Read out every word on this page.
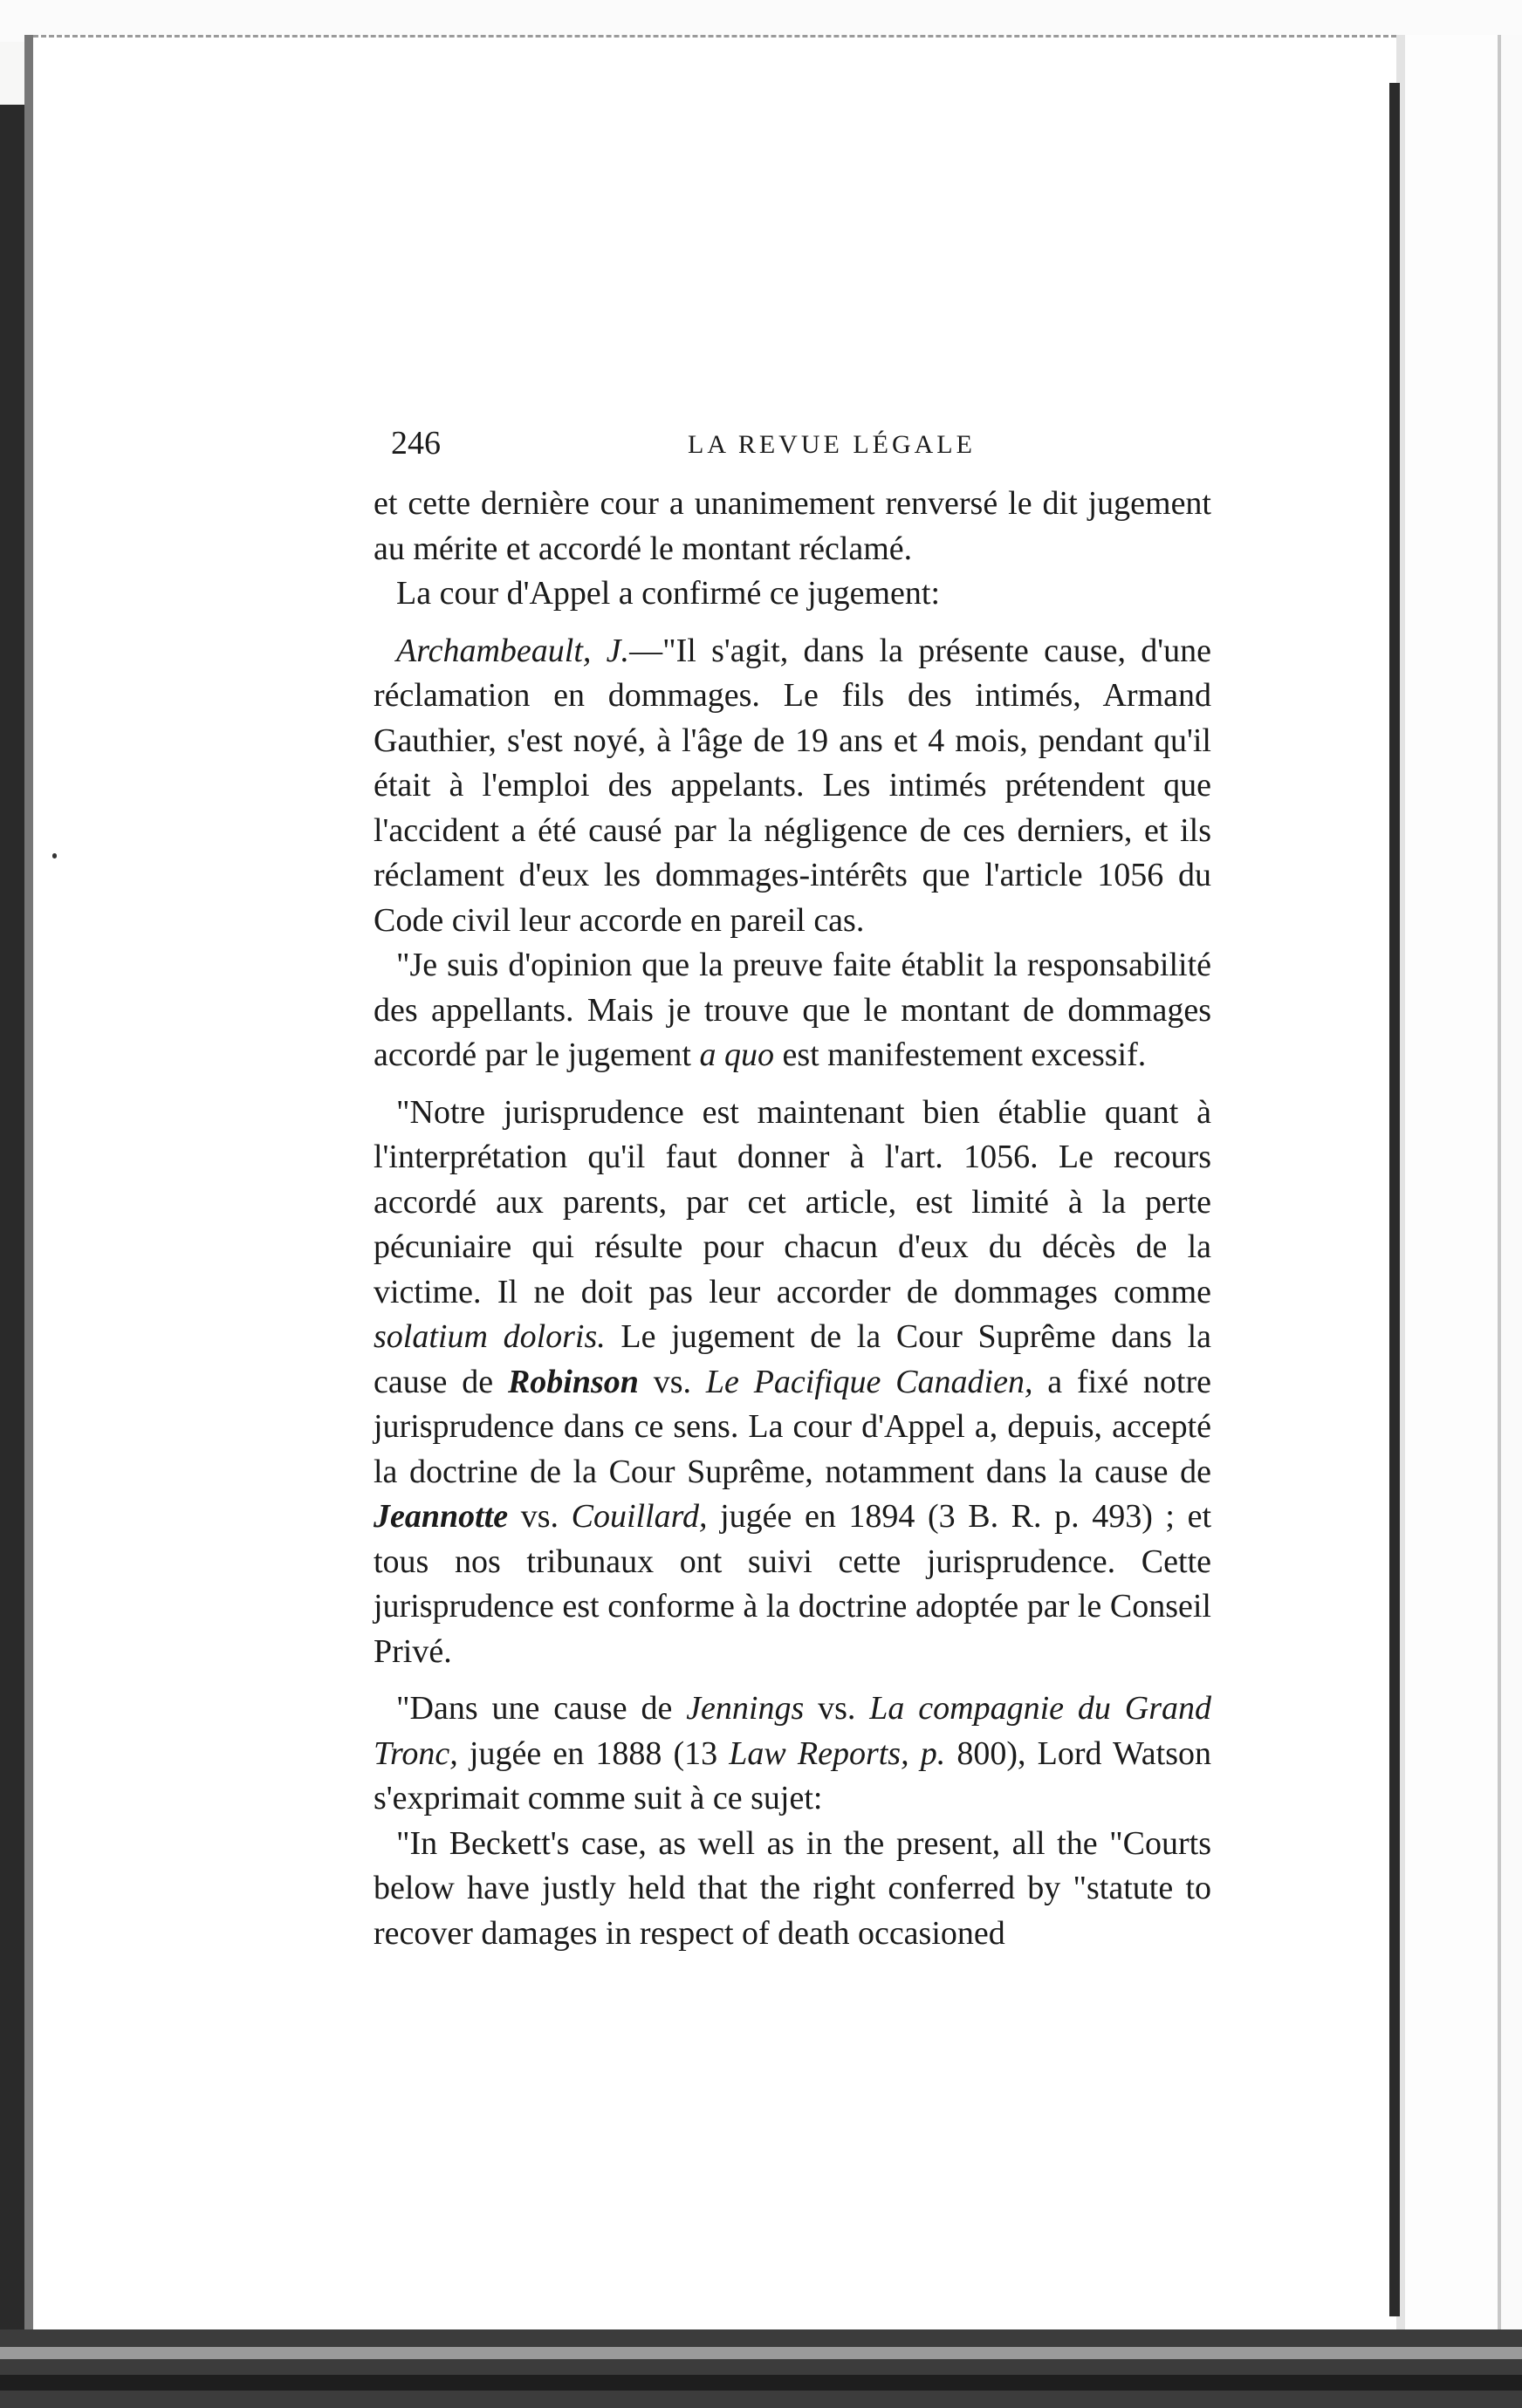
246	LA REVUE LÉGALE

et cette dernière cour a unanimement renversé le dit jugement au mérite et accordé le montant réclamé.

La cour d'Appel a confirmé ce jugement:

Archambeault, J.—"Il s'agit, dans la présente cause, d'une réclamation en dommages. Le fils des intimés, Armand Gauthier, s'est noyé, à l'âge de 19 ans et 4 mois, pendant qu'il était à l'emploi des appelants. Les intimés prétendent que l'accident a été causé par la négligence de ces derniers, et ils réclament d'eux les dommages-intérêts que l'article 1056 du Code civil leur accorde en pareil cas.

"Je suis d'opinion que la preuve faite établit la responsabilité des appellants. Mais je trouve que le montant de dommages accordé par le jugement a quo est manifestement excessif.

"Notre jurisprudence est maintenant bien établie quant à l'interprétation qu'il faut donner à l'art. 1056. Le recours accordé aux parents, par cet article, est limité à la perte pécuniaire qui résulte pour chacun d'eux du décès de la victime. Il ne doit pas leur accorder de dommages comme solatium doloris. Le jugement de la Cour Suprême dans la cause de Robinson vs. Le Pacifique Canadien, a fixé notre jurisprudence dans ce sens. La cour d'Appel a, depuis, accepté la doctrine de la Cour Suprême, notamment dans la cause de Jeannotte vs. Couillard, jugée en 1894 (3 B. R. p. 493) ; et tous nos tribunaux ont suivi cette jurisprudence. Cette jurisprudence est conforme à la doctrine adoptée par le Conseil Privé.

"Dans une cause de Jennings vs. La compagnie du Grand Tronc, jugée en 1888 (13 Law Reports, p. 800), Lord Watson s'exprimait comme suit à ce sujet:

"In Beckett's case, as well as in the present, all the "Courts below have justly held that the right conferred by "statute to recover damages in respect of death occasioned
